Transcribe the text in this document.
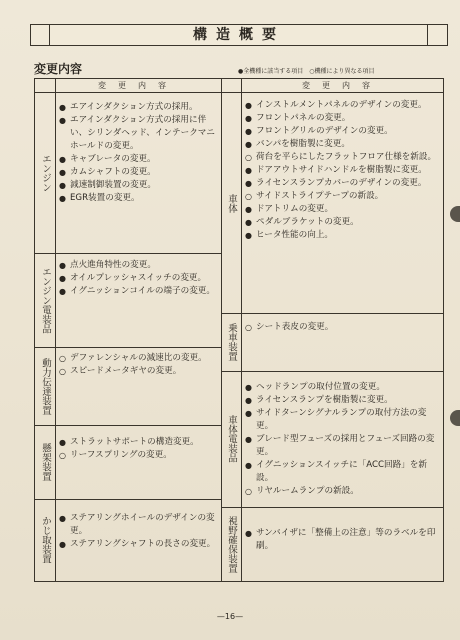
構造概要
変更内容	●全機種に該当する項目　○機種により異なる項目
変更内容	変更内容
エンジン
● エアインダクション方式の採用。
● エアインダクション方式の採用に伴い、シリンダヘッド、インテークマニホールドの変更。
● キャブレータの変更。
● カムシャフトの変更。
● 減速制御装置の変更。
● EGR装置の変更。
エンジン電装品
● 点火進角特性の変更。
● オイルプレッシャスイッチの変更。
● イグニッションコイルの端子の変更。
動力伝達装置	○ デファレンシャルの減速比の変更。
○ スピードメータギヤの変更。
懸架装置
● ストラットサポートの構造変更。
○ リーフスプリングの変更。
かじ取装置	● ステアリングホイールのデザインの変更。
● ステアリングシャフトの長さの変更。
車体
● インストルメントパネルのデザインの変更。
● フロントパネルの変更。
● フロントグリルのデザインの変更。
● バンパを樹脂製に変更。
○ 荷台を平らにしたフラットフロア仕様を新設。
● ドアアウトサイドハンドルを樹脂製に変更。
● ライセンスランプカバーのデザインの変更。
○ サイドストライプテープの新設。
● ドアトリムの変更。
● ペダルブラケットの変更。
● ヒータ性能の向上。
乗車装置	○ シート表皮の変更。
車体電装品
● ヘッドランプの取付位置の変更。
● ライセンスランプを樹脂製に変更。
● サイドターンシグナルランプの取付方法の変更。
● ブレード型フューズの採用とフューズ回路の変更。
● イグニッションスイッチに「ACC回路」を新設。
○ リヤルームランプの新設。
視野確保装置	● サンバイザに「整備上の注意」等のラベルを印刷。
—16—
